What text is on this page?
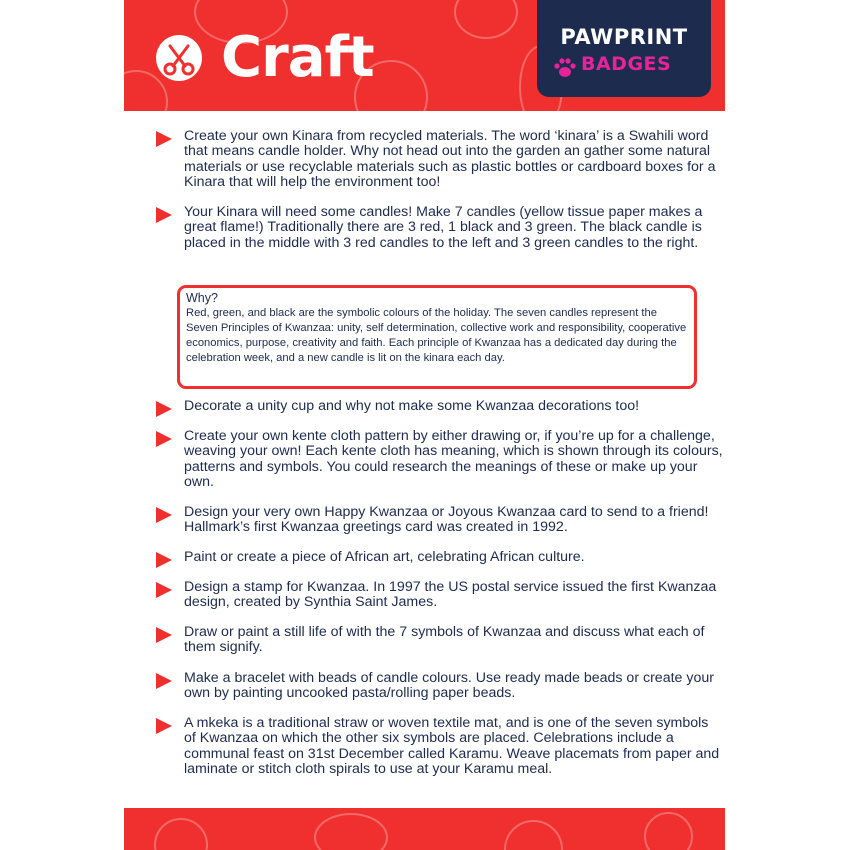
Craft	PAWPRINT
BADGES
Create your own Kinara from recycled materials. The word ‘kinara’ is a Swahili word that means candle holder. Why not head out into the garden an gather some natural materials or use recyclable materials such as plastic bottles or cardboard boxes for a Kinara that will help the environment too!
Your Kinara will need some candles! Make 7 candles (yellow tissue paper makes a great flame!) Traditionally there are 3 red, 1 black and 3 green. The black candle is placed in the middle with 3 red candles to the left and 3 green candles to the right.
Why?
Red, green, and black are the symbolic colours of the holiday. The seven candles represent the Seven Principles of Kwanzaa: unity, self determination, collective work and responsibility, cooperative economics, purpose, creativity and faith. Each principle of Kwanzaa has a dedicated day during the celebration week, and a new candle is lit on the kinara each day.
Decorate a unity cup and why not make some Kwanzaa decorations too!
Create your own kente cloth pattern by either drawing or, if you’re up for a challenge, weaving your own! Each kente cloth has meaning, which is shown through its colours, patterns and symbols. You could research the meanings of these or make up your own.
Design your very own Happy Kwanzaa or Joyous Kwanzaa card to send to a friend! Hallmark’s first Kwanzaa greetings card was created in 1992.
Paint or create a piece of African art, celebrating African culture.
Design a stamp for Kwanzaa. In 1997 the US postal service issued the first Kwanzaa design, created by Synthia Saint James.
Draw or paint a still life of with the 7 symbols of Kwanzaa and discuss what each of them signify.
Make a bracelet with beads of candle colours. Use ready made beads or create your own by painting uncooked pasta/rolling paper beads.
A mkeka is a traditional straw or woven textile mat, and is one of the seven symbols of Kwanzaa on which the other six symbols are placed. Celebrations include a communal feast on 31st December called Karamu. Weave placemats from paper and laminate or stitch cloth spirals to use at your Karamu meal.
